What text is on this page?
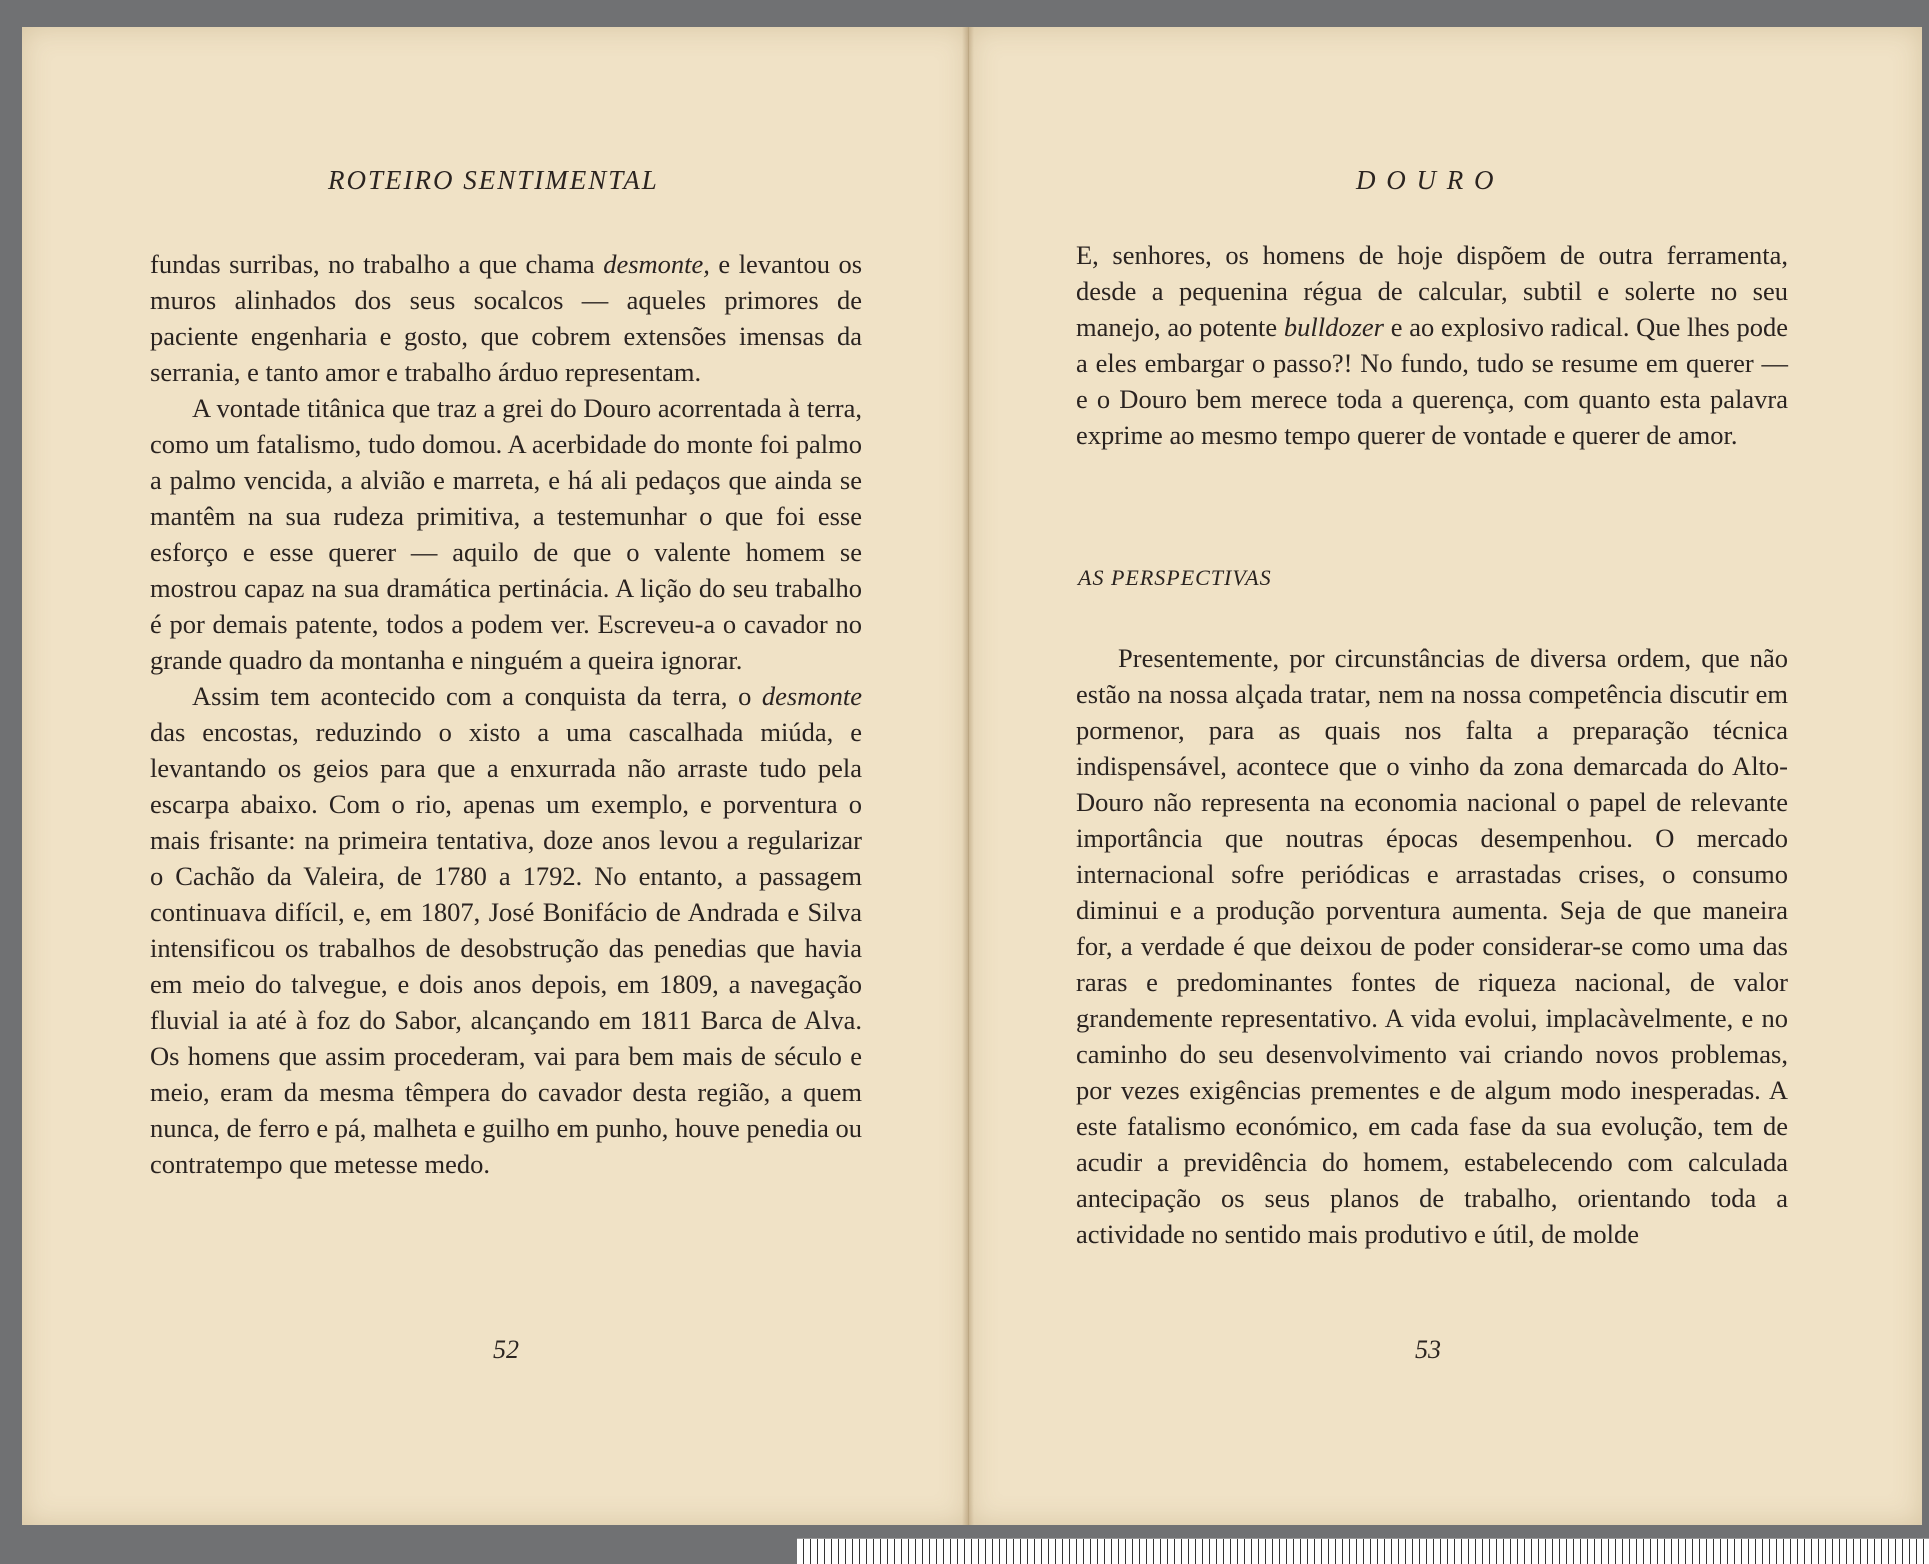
ROTEIRO SENTIMENTAL

fundas surribas, no trabalho a que chama desmonte, e levantou os muros alinhados dos seus socalcos — aqueles primores de paciente engenharia e gosto, que cobrem extensões imensas da serrania, e tanto amor e trabalho árduo representam.

A vontade titânica que traz a grei do Douro acorrentada à terra, como um fatalismo, tudo domou. A acerbidade do monte foi palmo a palmo vencida, a alvião e marreta, e há ali pedaços que ainda se mantêm na sua rudeza primitiva, a testemunhar o que foi esse esforço e esse querer — aquilo de que o valente homem se mostrou capaz na sua dramática pertinácia. A lição do seu trabalho é por demais patente, todos a podem ver. Escreveu-a o cavador no grande quadro da montanha e ninguém a queira ignorar.

Assim tem acontecido com a conquista da terra, o desmonte das encostas, reduzindo o xisto a uma cascalhada miúda, e levantando os geios para que a enxurrada não arraste tudo pela escarpa abaixo. Com o rio, apenas um exemplo, e porventura o mais frisante: na primeira tentativa, doze anos levou a regularizar o Cachão da Valeira, de 1780 a 1792. No entanto, a passagem continuava difícil, e, em 1807, José Bonifácio de Andrada e Silva intensificou os trabalhos de desobstrução das penedias que havia em meio do talvegue, e dois anos depois, em 1809, a navegação fluvial ia até à foz do Sabor, alcançando em 1811 Barca de Alva. Os homens que assim procederam, vai para bem mais de século e meio, eram da mesma têmpera do cavador desta região, a quem nunca, de ferro e pá, malheta e guilho em punho, houve penedia ou contratempo que metesse medo.

52
D O U R O

E, senhores, os homens de hoje dispõem de outra ferramenta, desde a pequenina régua de calcular, subtil e solerte no seu manejo, ao potente bulldozer e ao explosivo radical. Que lhes pode a eles embargar o passo?! No fundo, tudo se resume em querer — e o Douro bem merece toda a querença, com quanto esta palavra exprime ao mesmo tempo querer de vontade e querer de amor.

AS PERSPECTIVAS

Presentemente, por circunstâncias de diversa ordem, que não estão na nossa alçada tratar, nem na nossa competência discutir em pormenor, para as quais nos falta a preparação técnica indispensável, acontece que o vinho da zona demarcada do Alto-Douro não representa na economia nacional o papel de relevante importância que noutras épocas desempenhou. O mercado internacional sofre periódicas e arrastadas crises, o consumo diminui e a produção porventura aumenta. Seja de que maneira for, a verdade é que deixou de poder considerar-se como uma das raras e predominantes fontes de riqueza nacional, de valor grandemente representativo. A vida evolui, implacàvelmente, e no caminho do seu desenvolvimento vai criando novos problemas, por vezes exigências prementes e de algum modo inesperadas. A este fatalismo económico, em cada fase da sua evolução, tem de acudir a previdência do homem, estabelecendo com calculada antecipação os seus planos de trabalho, orientando toda a actividade no sentido mais produtivo e útil, de molde

53
